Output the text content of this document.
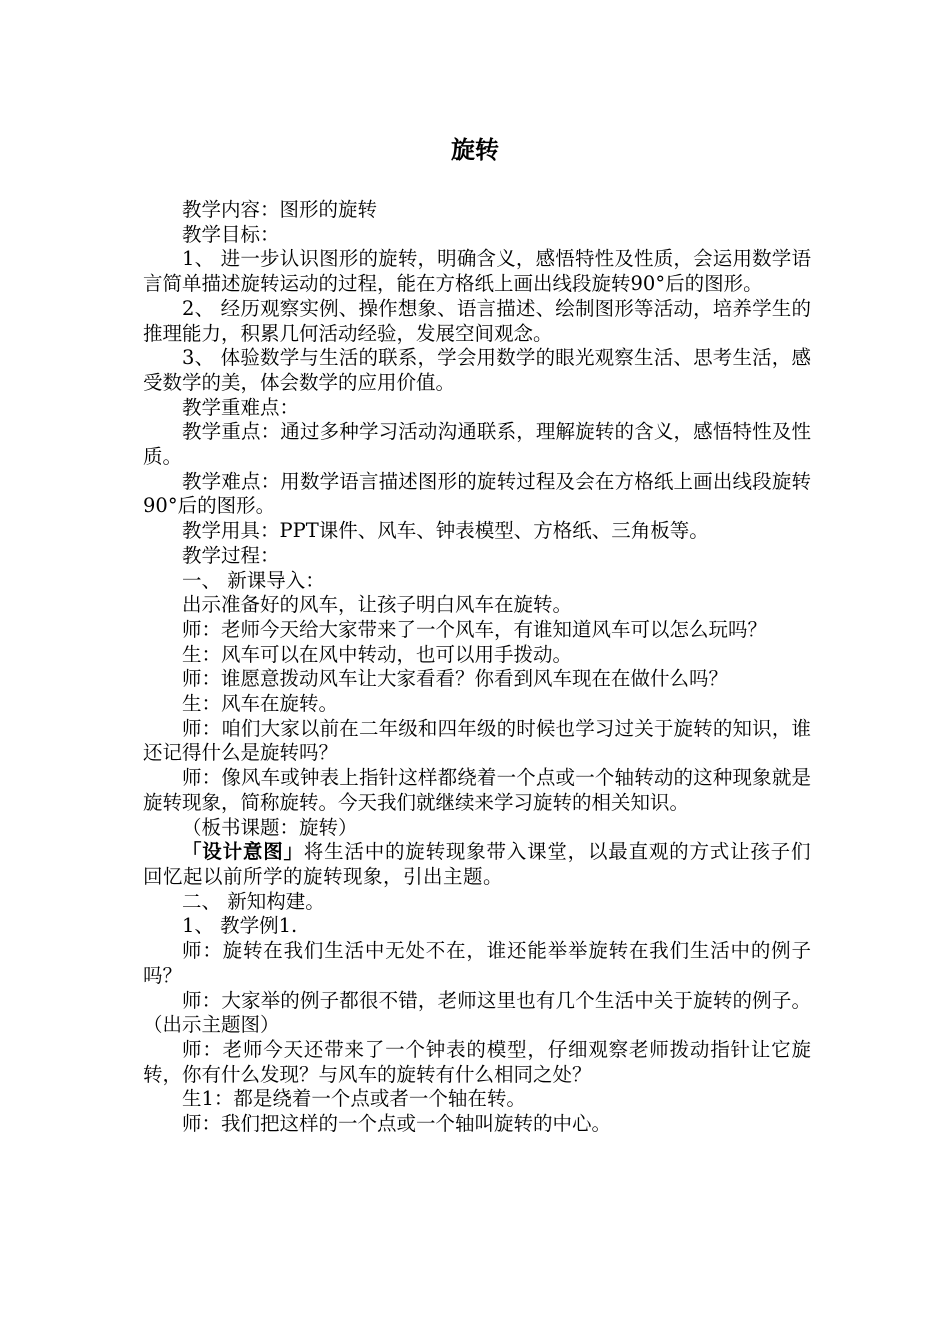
旋转

教学内容：图形的旋转

教学目标：

1、 进一步认识图形的旋转，明确含义，感悟特性及性质，会运用数学语言简单描述旋转运动的过程，能在方格纸上画出线段旋转90°后的图形。

2、 经历观察实例、操作想象、语言描述、绘制图形等活动，培养学生的推理能力，积累几何活动经验，发展空间观念。

3、 体验数学与生活的联系，学会用数学的眼光观察生活、思考生活，感受数学的美，体会数学的应用价值。

教学重难点：

教学重点：通过多种学习活动沟通联系，理解旋转的含义，感悟特性及性质。

教学难点：用数学语言描述图形的旋转过程及会在方格纸上画出线段旋转90°后的图形。

教学用具：PPT课件、风车、钟表模型、方格纸、三角板等。

教学过程：

一、 新课导入：

出示准备好的风车，让孩子明白风车在旋转。

师：老师今天给大家带来了一个风车，有谁知道风车可以怎么玩吗？

生：风车可以在风中转动，也可以用手拨动。

师：谁愿意拨动风车让大家看看？你看到风车现在在做什么吗？

生：风车在旋转。

师：咱们大家以前在二年级和四年级的时候也学习过关于旋转的知识，谁还记得什么是旋转吗？

师：像风车或钟表上指针这样都绕着一个点或一个轴转动的这种现象就是旋转现象，简称旋转。今天我们就继续来学习旋转的相关知识。

（板书课题：旋转）

「设计意图」将生活中的旋转现象带入课堂，以最直观的方式让孩子们回忆起以前所学的旋转现象，引出主题。

二、 新知构建。

1、 教学例1.

师：旋转在我们生活中无处不在，谁还能举举旋转在我们生活中的例子吗？

师：大家举的例子都很不错，老师这里也有几个生活中关于旋转的例子。（出示主题图）

师：老师今天还带来了一个钟表的模型，仔细观察老师拨动指针让它旋转，你有什么发现？与风车的旋转有什么相同之处？

生1：都是绕着一个点或者一个轴在转。

师：我们把这样的一个点或一个轴叫旋转的中心。
